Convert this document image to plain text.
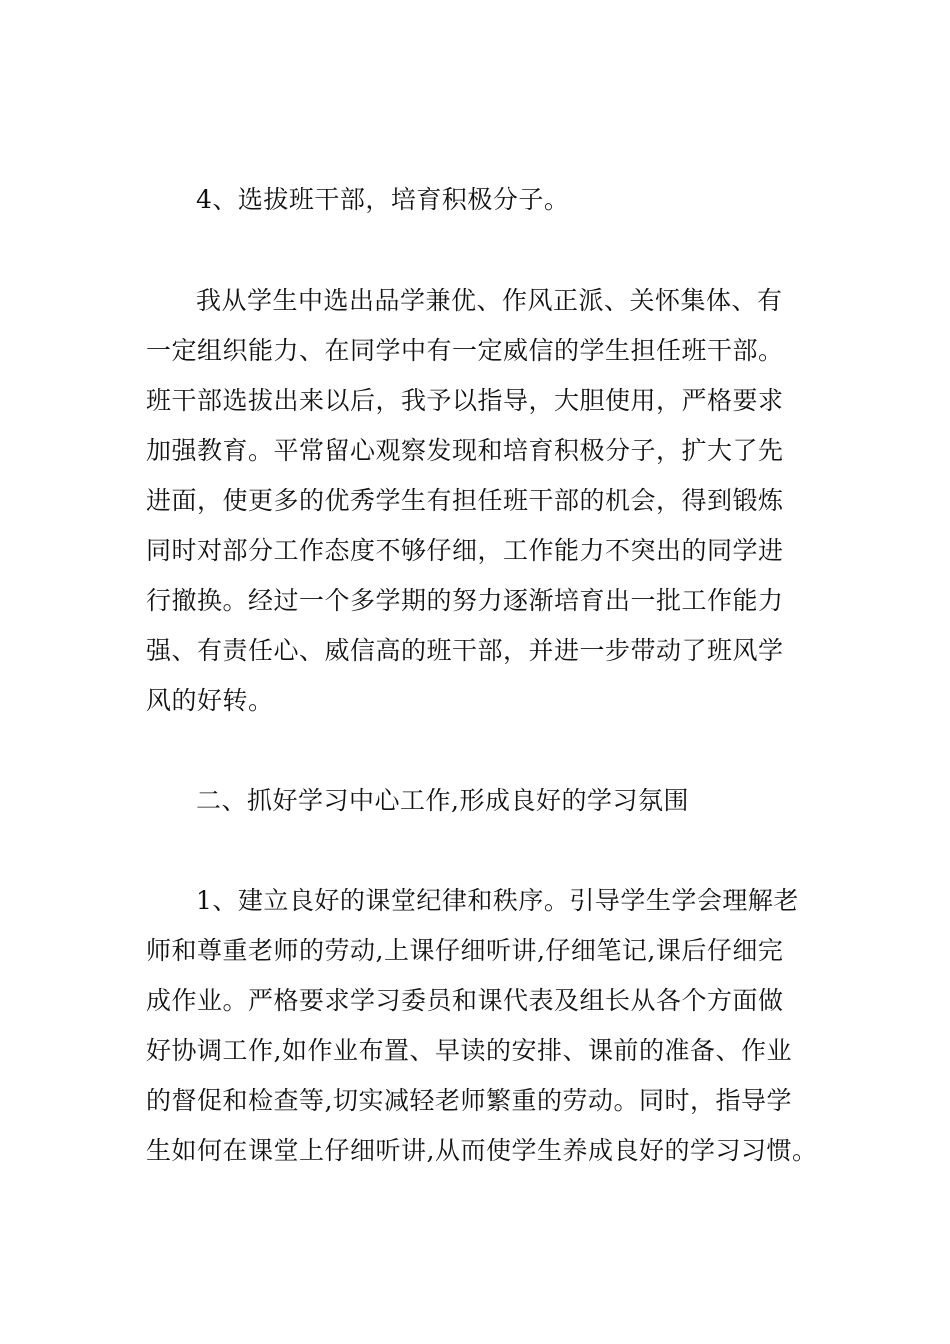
4、选拔班干部，培育积极分子。
我从学生中选出品学兼优、作风正派、关怀集体、有
一定组织能力、在同学中有一定威信的学生担任班干部。
班干部选拔出来以后，我予以指导，大胆使用，严格要求
加强教育。平常留心观察发现和培育积极分子，扩大了先
进面，使更多的优秀学生有担任班干部的机会，得到锻炼
同时对部分工作态度不够仔细，工作能力不突出的同学进
行撤换。经过一个多学期的努力逐渐培育出一批工作能力
强、有责任心、威信高的班干部，并进一步带动了班风学
风的好转。
二、抓好学习中心工作,形成良好的学习氛围
1、建立良好的课堂纪律和秩序。引导学生学会理解老
师和尊重老师的劳动,上课仔细听讲,仔细笔记,课后仔细完
成作业。严格要求学习委员和课代表及组长从各个方面做
好协调工作,如作业布置、早读的安排、课前的准备、作业
的督促和检查等,切实减轻老师繁重的劳动。同时，指导学
生如何在课堂上仔细听讲,从而使学生养成良好的学习习惯。
